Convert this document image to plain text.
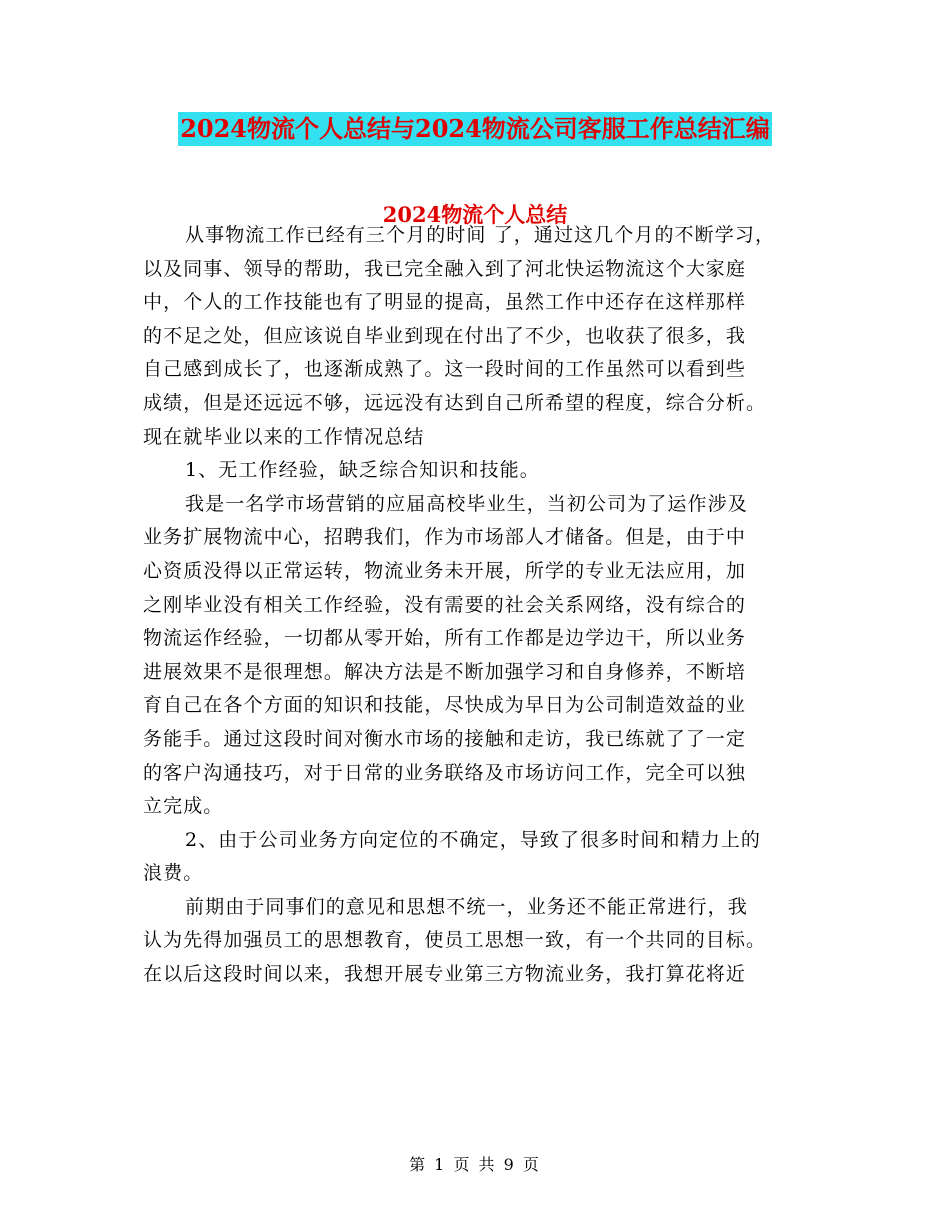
2024物流个人总结与2024物流公司客服工作总结汇编
2024物流个人总结
从事物流工作已经有三个月的时间 了，通过这几个月的不断学习，
以及同事、领导的帮助，我已完全融入到了河北快运物流这个大家庭
中，个人的工作技能也有了明显的提高，虽然工作中还存在这样那样
的不足之处，但应该说自毕业到现在付出了不少，也收获了很多，我
自己感到成长了，也逐渐成熟了。这一段时间的工作虽然可以看到些
成绩，但是还远远不够，远远没有达到自己所希望的程度，综合分析。
现在就毕业以来的工作情况总结
1、无工作经验，缺乏综合知识和技能。
我是一名学市场营销的应届高校毕业生，当初公司为了运作涉及
业务扩展物流中心，招聘我们，作为市场部人才储备。但是，由于中
心资质没得以正常运转，物流业务未开展，所学的专业无法应用，加
之刚毕业没有相关工作经验，没有需要的社会关系网络，没有综合的
物流运作经验，一切都从零开始，所有工作都是边学边干，所以业务
进展效果不是很理想。解决方法是不断加强学习和自身修养，不断培
育自己在各个方面的知识和技能，尽快成为早日为公司制造效益的业
务能手。通过这段时间对衡水市场的接触和走访，我已练就了了一定
的客户沟通技巧，对于日常的业务联络及市场访问工作，完全可以独
立完成。
2、由于公司业务方向定位的不确定，导致了很多时间和精力上的
浪费。
前期由于同事们的意见和思想不统一，业务还不能正常进行，我
认为先得加强员工的思想教育，使员工思想一致，有一个共同的目标。
在以后这段时间以来，我想开展专业第三方物流业务，我打算花将近
第 1 页 共 9 页
